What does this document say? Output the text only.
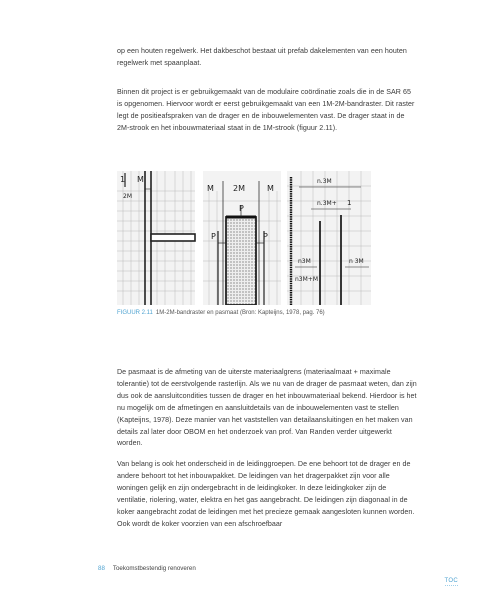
op een houten regelwerk. Het dakbeschot bestaat uit prefab dakelementen van een houten regelwerk met spaanplaat.

Binnen dit project is er gebruikgemaakt van de modulaire coördinatie zoals die in de SAR 65 is opgenomen. Hiervoor wordt er eerst gebruikgemaakt van een 1M-2M-bandraster. Dit raster legt de positieafspraken van de drager en de inbouwelementen vast. De drager staat in de 2M-strook en het inbouwmateriaal staat in de 1M-strook (figuur 2.11).

1 M
2M
M 2M	M
P
P	P
n.3M
n.3M+ 1
n3M
n3M+M
n 3M
FIGUUR 2.11 1M-2M-bandraster en pasmaat (Bron: Kapteijns, 1978, pag. 76)

De pasmaat is de afmeting van de uiterste materiaalgrens (materiaalmaat + maximale tolerantie) tot de eerstvolgende rasterlijn. Als we nu van de drager de pasmaat weten, dan zijn dus ook de aansluitcondities tussen de drager en het inbouwmateriaal bekend. Hierdoor is het nu mogelijk om de afmetingen en aansluitdetails van de inbouwelementen vast te stellen (Kapteijns, 1978). Deze manier van het vaststellen van detailaansluitingen en het maken van details zal later door OBOM en het onderzoek van prof. Van Randen verder uitgewerkt worden.

Van belang is ook het onderscheid in de leidinggroepen. De ene behoort tot de drager en de andere behoort tot het inbouwpakket. De leidingen van het dragerpakket zijn voor alle woningen gelijk en zijn ondergebracht in de leidingkoker. In deze leidingkoker zijn de ventilatie, riolering, water, elektra en het gas aangebracht. De leidingen zijn diagonaal in de koker aangebracht zodat de leidingen met het precieze gemaak aangesloten kunnen worden. Ook wordt de koker voorzien van een afschroefbaar

88 Toekomstbestendig renoveren
TOC
